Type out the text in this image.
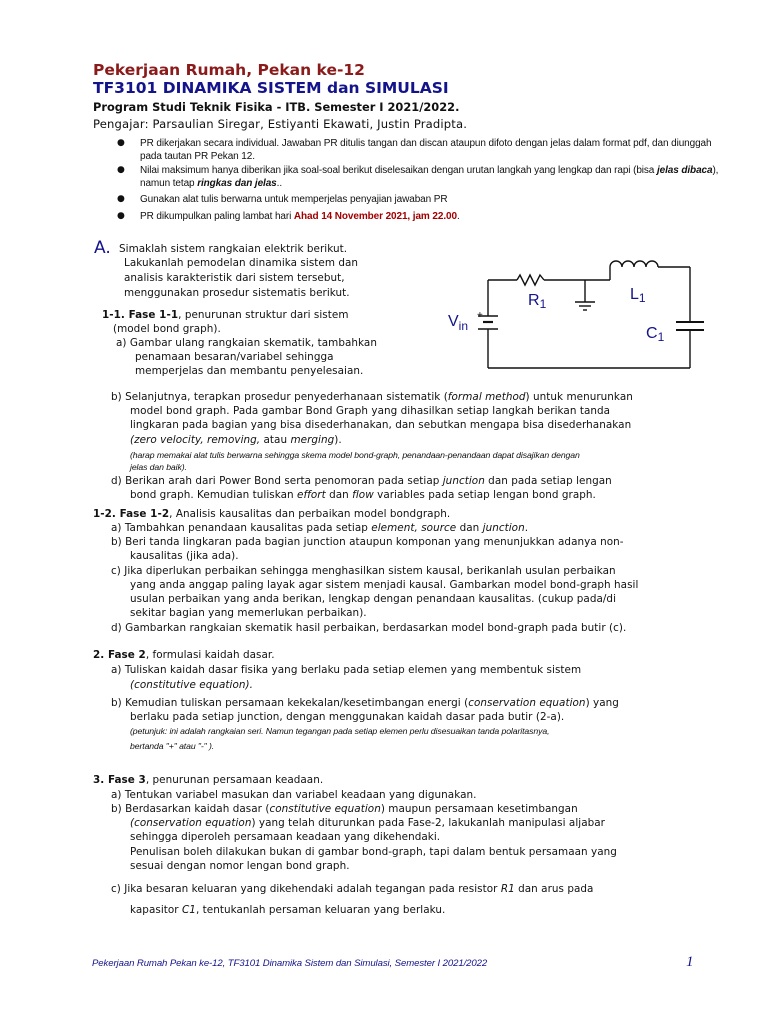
Pekerjaan Rumah, Pekan ke-12
TF3101 DINAMIKA SISTEM dan SIMULASI
Program Studi Teknik Fisika - ITB. Semester I 2021/2022.
Pengajar: Parsaulian Siregar, Estiyanti Ekawati, Justin Pradipta.
● PR dikerjakan secara individual. Jawaban PR ditulis tangan dan discan ataupun difoto dengan jelas dalam format pdf, dan diunggah pada tautan PR Pekan 12.
● Nilai maksimum hanya diberikan jika soal-soal berikut diselesaikan dengan urutan langkah yang lengkap dan rapi (bisa jelas dibaca), namun tetap ringkas dan jelas..
● Gunakan alat tulis berwarna untuk memperjelas penyajian jawaban PR
● PR dikumpulkan paling lambat hari Ahad 14 November 2021, jam 22.00.
A. Simaklah sistem rangkaian elektrik berikut.
Lakukanlah pemodelan dinamika sistem dan
analisis karakteristik dari sistem tersebut,
menggunakan prosedur sistematis berikut.
+
$V_{in}$
R1
L1
C1
1-1. Fase 1-1, penurunan struktur dari sistem
(model bond graph).
a) Gambar ulang rangkaian skematik, tambahkan
penamaan besaran/variabel sehingga
memperjelas dan membantu penyelesaian.
b) Selanjutnya, terapkan prosedur penyederhanaan sistematik (formal method) untuk menurunkan
model bond graph. Pada gambar Bond Graph yang dihasilkan setiap langkah berikan tanda
lingkaran pada bagian yang bisa disederhanakan, dan sebutkan mengapa bisa disederhanakan
(zero velocity, removing, atau merging).
(harap memakai alat tulis berwarna sehingga skema model bond-graph, penandaan-penandaan dapat disajikan dengan
jelas dan baik).
d) Berikan arah dari Power Bond serta penomoran pada setiap junction dan pada setiap lengan
bond graph. Kemudian tuliskan effort dan flow variables pada setiap lengan bond graph.
1-2. Fase 1-2, Analisis kausalitas dan perbaikan model bondgraph.
a) Tambahkan penandaan kausalitas pada setiap element, source dan junction.
b) Beri tanda lingkaran pada bagian junction ataupun komponan yang menunjukkan adanya non-
kausalitas (jika ada).
c) Jika diperlukan perbaikan sehingga menghasilkan sistem kausal, berikanlah usulan perbaikan
yang anda anggap paling layak agar sistem menjadi kausal. Gambarkan model bond-graph hasil
usulan perbaikan yang anda berikan, lengkap dengan penandaan kausalitas. (cukup pada/di
sekitar bagian yang memerlukan perbaikan).
d) Gambarkan rangkaian skematik hasil perbaikan, berdasarkan model bond-graph pada butir (c).
2. Fase 2, formulasi kaidah dasar.
a) Tuliskan kaidah dasar fisika yang berlaku pada setiap elemen yang membentuk sistem
(constitutive equation).
b) Kemudian tuliskan persamaan kekekalan/kesetimbangan energi (conservation equation) yang
berlaku pada setiap junction, dengan menggunakan kaidah dasar pada butir (2-a).
(petunjuk: ini adalah rangkaian seri. Namun tegangan pada setiap elemen perlu disesuaikan tanda polaritasnya,
bertanda "+" atau "-" ).
3. Fase 3, penurunan persamaan keadaan.
a) Tentukan variabel masukan dan variabel keadaan yang digunakan.
b) Berdasarkan kaidah dasar (constitutive equation) maupun persamaan kesetimbangan
(conservation equation) yang telah diturunkan pada Fase-2, lakukanlah manipulasi aljabar
sehingga diperoleh persamaan keadaan yang dikehendaki.
Penulisan boleh dilakukan bukan di gambar bond-graph, tapi dalam bentuk persamaan yang
sesuai dengan nomor lengan bond graph.
c) Jika besaran keluaran yang dikehendaki adalah tegangan pada resistor R1 dan arus pada
kapasitor C1, tentukanlah persaman keluaran yang berlaku.
Pekerjaan Rumah Pekan ke-12, TF3101 Dinamika Sistem dan Simulasi, Semester I 2021/2022	1
